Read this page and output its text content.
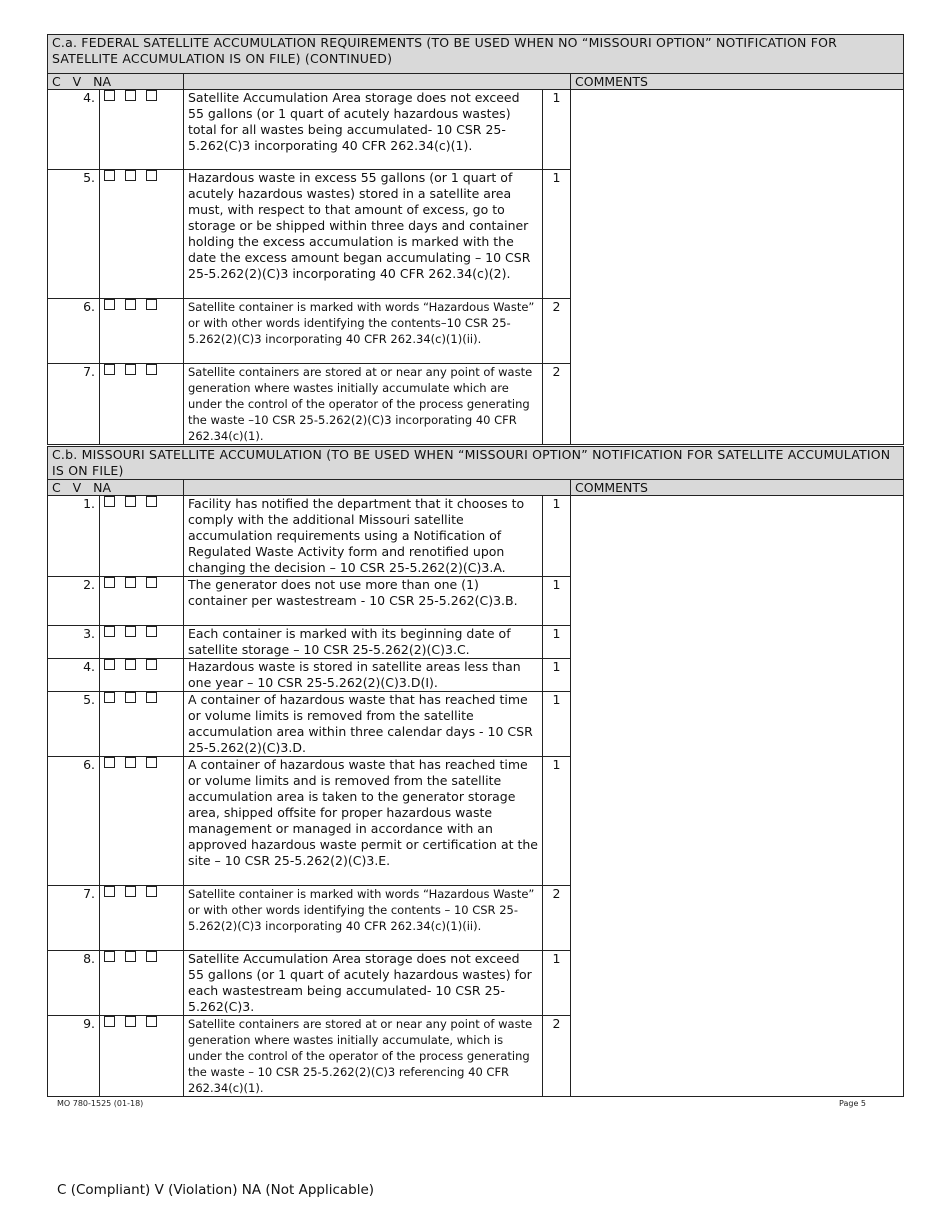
C.a. FEDERAL SATELLITE ACCUMULATION REQUIREMENTS (TO BE USED WHEN NO “MISSOURI OPTION” NOTIFICATION FOR SATELLITE ACCUMULATION IS ON FILE) (CONTINUED)				
C  V  NA				COMMENTS
4.		Satellite Accumulation Area storage does not exceed 55 gallons (or 1 quart of acutely hazardous wastes) total for all wastes being accumulated- 10 CSR 25-5.262(C)3 incorporating 40 CFR 262.34(c)(1).	1	
5.		Hazardous waste in excess 55 gallons (or 1 quart of acutely hazardous wastes) stored in a satellite area must, with respect to that amount of excess, go to storage or be shipped within three days and container holding the excess accumulation is marked with the date the excess amount began accumulating – 10 CSR 25-5.262(2)(C)3 incorporating 40 CFR 262.34(c)(2).	1	
6.		Satellite container is marked with words “Hazardous Waste” or with other words identifying the contents–10 CSR 25-5.262(2)(C)3 incorporating 40 CFR 262.34(c)(1)(ii).	2	
7.		Satellite containers are stored at or near any point of waste generation where wastes initially accumulate which are under the control of the operator of the process generating the waste –10 CSR 25-5.262(2)(C)3 incorporating 40 CFR 262.34(c)(1).	2	
C.b. MISSOURI SATELLITE ACCUMULATION (TO BE USED WHEN “MISSOURI OPTION” NOTIFICATION FOR SATELLITE ACCUMULATION IS ON FILE)				
C  V  NA				COMMENTS
1.		Facility has notified the department that it chooses to comply with the additional Missouri satellite accumulation requirements using a Notification of Regulated Waste Activity form and renotified upon changing the decision – 10 CSR 25-5.262(2)(C)3.A.	1	
2.		The generator does not use more than one (1) container per wastestream - 10 CSR 25-5.262(C)3.B.	1	
3.		Each container is marked with its beginning date of satellite storage – 10 CSR 25-5.262(2)(C)3.C.	1	
4.		Hazardous waste is stored in satellite areas less than one year – 10 CSR 25-5.262(2)(C)3.D(I).	1	
5.		A container of hazardous waste that has reached time or volume limits is removed from the satellite accumulation area within three calendar days - 10 CSR 25-5.262(2)(C)3.D.	1	
6.		A container of hazardous waste that has reached time or volume limits and is removed from the satellite accumulation area is taken to the generator storage area, shipped offsite for proper hazardous waste management or managed in accordance with an approved hazardous waste permit or certification at the site – 10 CSR 25-5.262(2)(C)3.E.	1	
7.		Satellite container is marked with words “Hazardous Waste” or with other words identifying the contents – 10 CSR 25-5.262(2)(C)3 incorporating 40 CFR 262.34(c)(1)(ii).	2	
8.		Satellite Accumulation Area storage does not exceed 55 gallons (or 1 quart of acutely hazardous wastes) for each wastestream being accumulated- 10 CSR 25-5.262(C)3.	1	
9.		Satellite containers are stored at or near any point of waste generation where wastes initially accumulate, which is under the control of the operator of the process generating the waste – 10 CSR 25-5.262(2)(C)3 referencing 40 CFR 262.34(c)(1).	2	
MO 780-1525 (01-18)	Page 5
C (Compliant) V (Violation) NA (Not Applicable)
